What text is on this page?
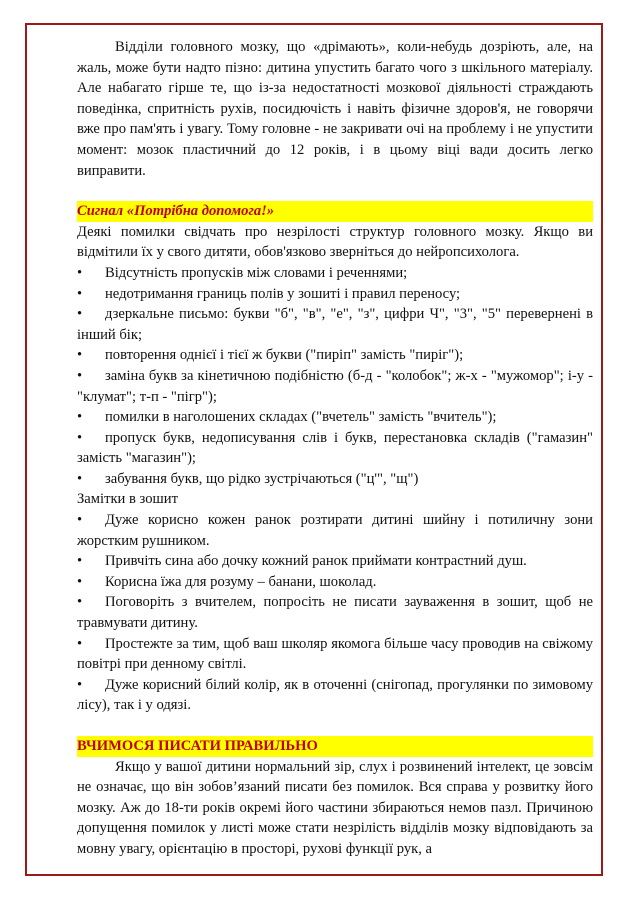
Відділи головного мозку, що «дрімають», коли-небудь дозріють, але, на жаль, може бути надто пізно: дитина упустить багато чого з шкільного матеріалу. Але набагато гірше те, що із-за недостатності мозкової діяльності страждають поведінка, спритність рухів, посидючість і навіть фізичне здоров'я, не говорячи вже про пам'ять і увагу. Тому головне - не закривати очі на проблему і не упустити момент: мозок пластичний до 12 років, і в цьому віці вади досить легко виправити.

Сигнал «Потрібна допомога!»

Деякі помилки свідчать про незрілості структур головного мозку. Якщо ви відмітили їх у свого дитяти, обов'язково зверніться до нейропсихолога.

•	Відсутність пропусків між словами і реченнями;
•	недотримання границь полів у зошиті і правил переносу;

• дзеркальне письмо: букви "б", "в", "е", "з", цифри Ч", "3", "5" перевернені в інший бік;

•	повторення однієї і тієї ж букви ("пиріп" замість "пиріг");

• заміна букв за кінетичною подібністю (б-д - "колобок"; ж-х - "мужомор"; і-у - "клумат"; т-п - "пігр");

•	помилки в наголошених складах ("вчетель" замість "вчитель");

• пропуск букв, недописування слів і букв, перестановка складів ("гамазин" замість "магазин");

•	забування букв, що рідко зустрічаються ("ц'", "щ")

Замітки в зошит

• Дуже корисно кожен ранок розтирати дитині шийну і потиличну зони жорстким рушником.

•	Привчіть сина або дочку кожний ранок приймати контрастний душ.
•	Корисна їжа для розуму – банани, шоколад.

• Поговоріть з вчителем, попросіть не писати зауваження в зошит, щоб не травмувати дитину.

• Простежте за тим, щоб ваш школяр якомога більше часу проводив на свіжому повітрі при денному світлі.

• Дуже корисний білий колір, як в оточенні (снігопад, прогулянки по зимовому лісу), так і у одязі.

ВЧИМОСЯ ПИСАТИ ПРАВИЛЬНО

Якщо у вашої дитини нормальний зір, слух і розвинений інтелект, це зовсім не означає, що він зобов’язаний писати без помилок. Вся справа у розвитку його мозку. Аж до 18-ти років окремі його частини збираються немов пазл. Причиною допущення помилок у листі може стати незрілість відділів мозку відповідають за мовну увагу, орієнтацію в просторі, рухові функції рук, а
